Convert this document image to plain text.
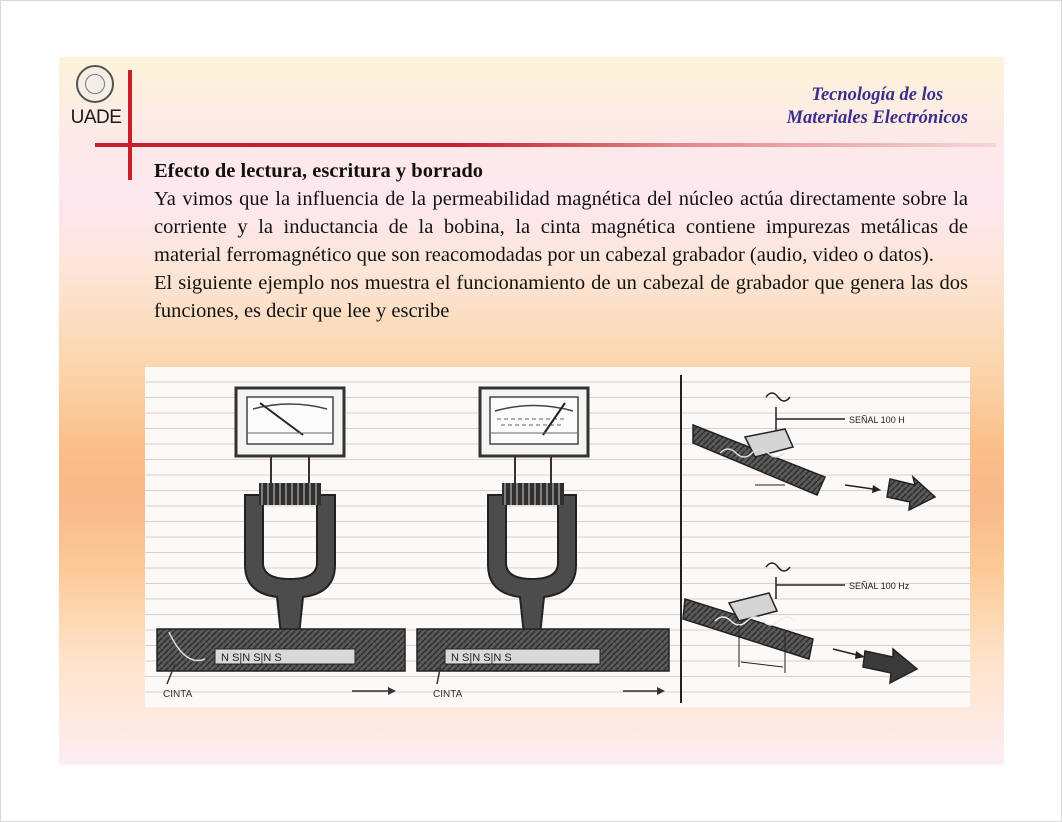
UADE
Tecnología de los
Materiales Electrónicos
Efecto de lectura, escritura y borrado
Ya vimos que la influencia de la permeabilidad magnética del núcleo actúa directamente sobre la corriente y la inductancia de la bobina, la cinta magnética contiene impurezas metálicas de material ferromagnético que son reacomodadas por un cabezal grabador (audio, video o datos).
El siguiente ejemplo nos muestra el funcionamiento de un cabezal de grabador que genera las dos funciones, es decir que lee y escribe
N S|N S|N S
CINTA
N S|N S|N S
CINTA
SEÑAL 100 H
SEÑAL 100 Hz
